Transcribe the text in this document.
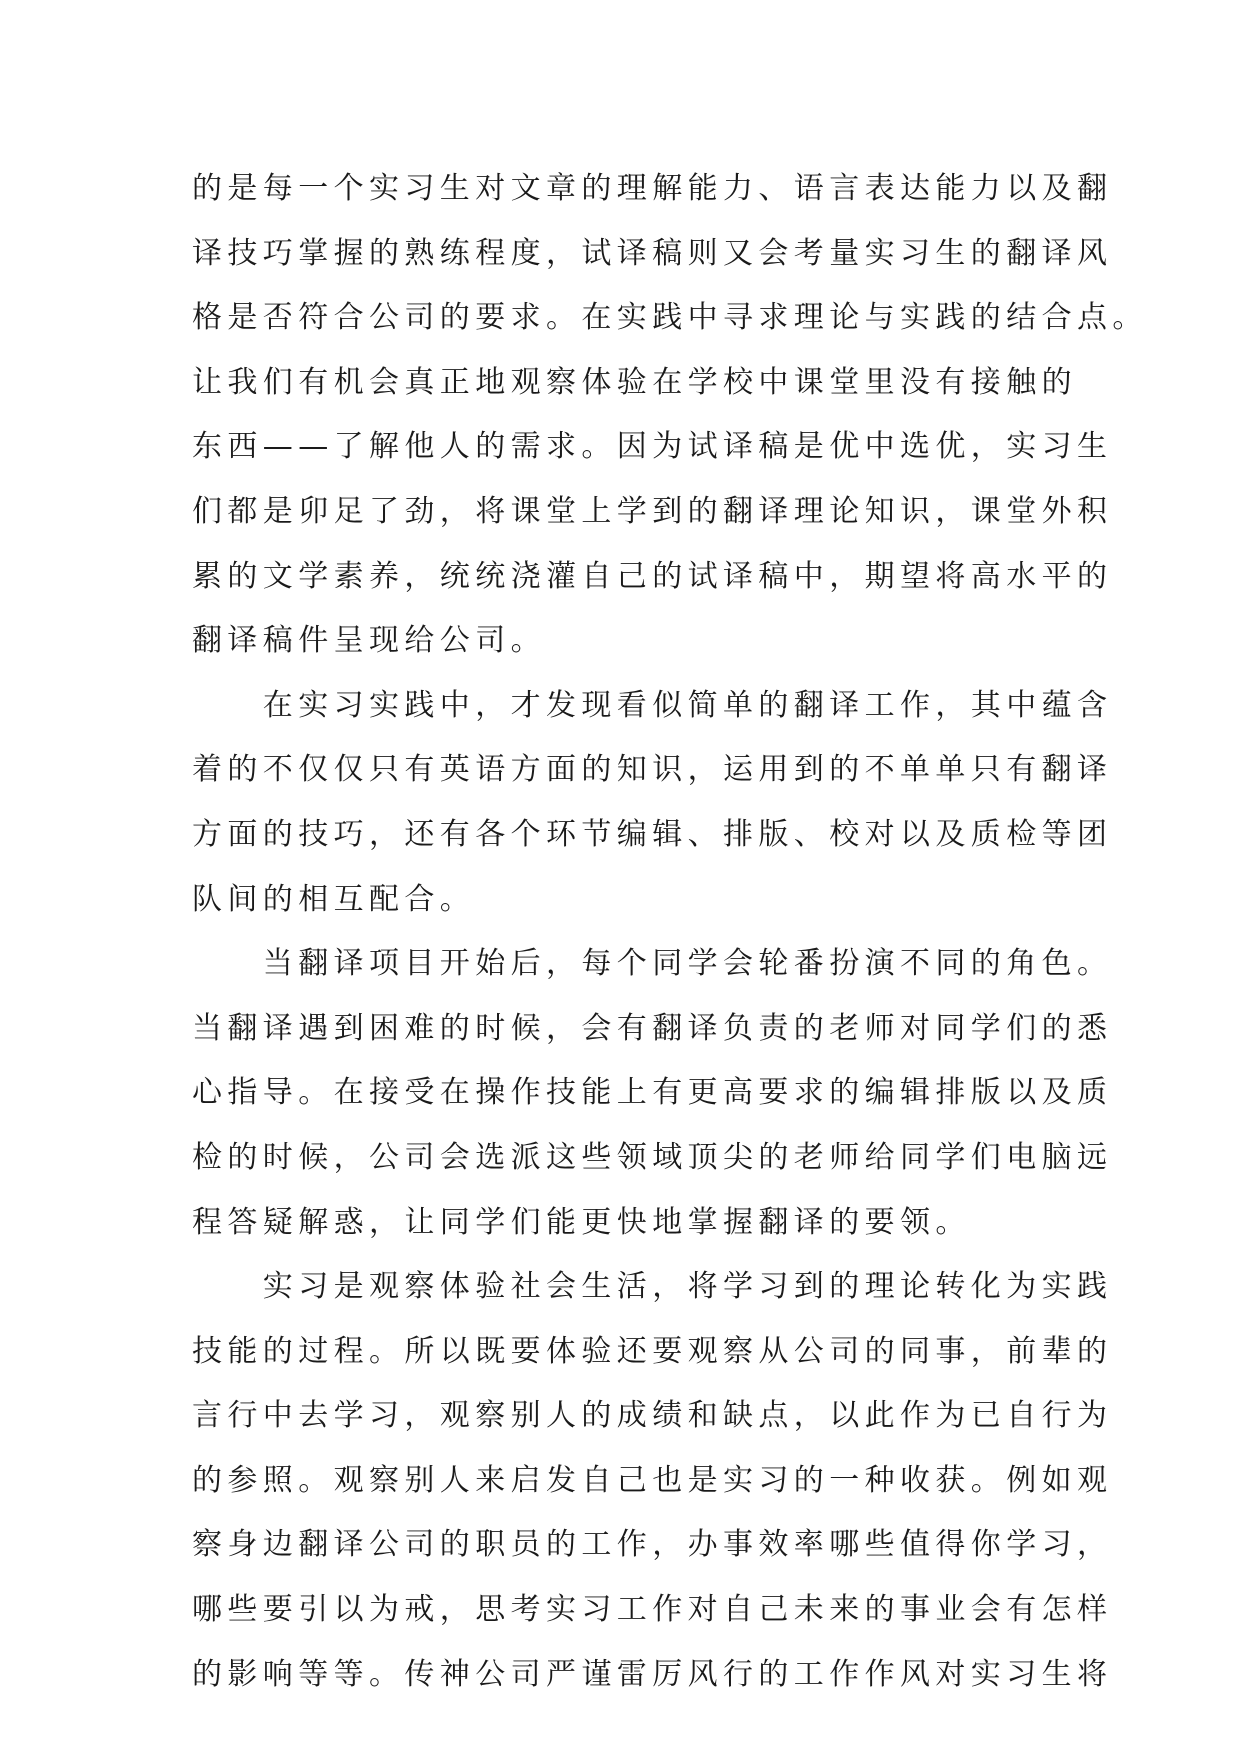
的是每一个实习生对文章的理解能力、语言表达能力以及翻
译技巧掌握的熟练程度，试译稿则又会考量实习生的翻译风
格是否符合公司的要求。在实践中寻求理论与实践的结合点。
让我们有机会真正地观察体验在学校中课堂里没有接触的
东西——了解他人的需求。因为试译稿是优中选优，实习生
们都是卯足了劲，将课堂上学到的翻译理论知识，课堂外积
累的文学素养，统统浇灌自己的试译稿中，期望将高水平的
翻译稿件呈现给公司。
　　在实习实践中，才发现看似简单的翻译工作，其中蕴含
着的不仅仅只有英语方面的知识，运用到的不单单只有翻译
方面的技巧，还有各个环节编辑、排版、校对以及质检等团
队间的相互配合。
　　当翻译项目开始后，每个同学会轮番扮演不同的角色。
当翻译遇到困难的时候，会有翻译负责的老师对同学们的悉
心指导。在接受在操作技能上有更高要求的编辑排版以及质
检的时候，公司会选派这些领域顶尖的老师给同学们电脑远
程答疑解惑，让同学们能更快地掌握翻译的要领。
　　实习是观察体验社会生活，将学习到的理论转化为实践
技能的过程。所以既要体验还要观察从公司的同事，前辈的
言行中去学习，观察别人的成绩和缺点，以此作为已自行为
的参照。观察别人来启发自己也是实习的一种收获。例如观
察身边翻译公司的职员的工作，办事效率哪些值得你学习，
哪些要引以为戒，思考实习工作对自己未来的事业会有怎样
的影响等等。传神公司严谨雷厉风行的工作作风对实习生将
